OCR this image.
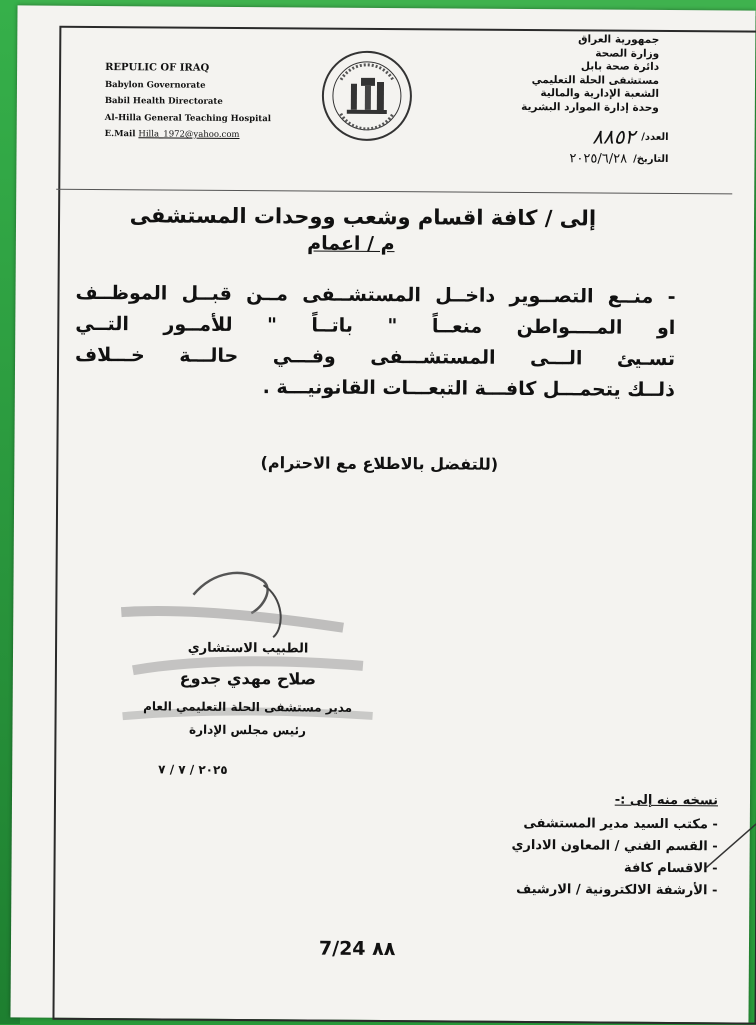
REPULIC OF IRAQ
Babylon Governorate
Babil Health Directorate
Al-Hilla General Teaching Hospital
E.Mail Hilla_1972@yahoo.com
جمهورية العراق
وزارة الصحة
دائرة صحة بابل
مستشفى الحلة التعليمي
الشعبة الإدارية والمالية
وحدة إدارة الموارد البشرية
العدد/
٨٨٥٢
التاريخ/
٢٠٢٥/٦/٢٨
إلى / كافة اقسام وشعب ووحدات المستشفى
م / اعمام
- منــع التصــوير داخــل المستشــفى مــن قبــل الموظــف
او المــــواطن منعــاً " باتــاً " للأمــور التــي
تسـيئ الـــى المستشـــفى وفـــي حالـــة خـــلاف
ذلــك يتحمـــل كافـــة التبعـــات القانونيـــة .
(للتفضل بالاطلاع مع الاحترام)
الطبيب الاستشاري
صلاح مهدي جدوع
مدير مستشفى الحلة التعليمي العام
رئيس مجلس الإدارة
٢٠٢٥ / ٧ / ٧
نسخه منه إلى :-
- مكتب السيد مدير المستشفى
- القسم الفني / المعاون الاداري
- الاقسام كافة
- الأرشفة الالكترونية / الارشيف
7/24 ٨٨
